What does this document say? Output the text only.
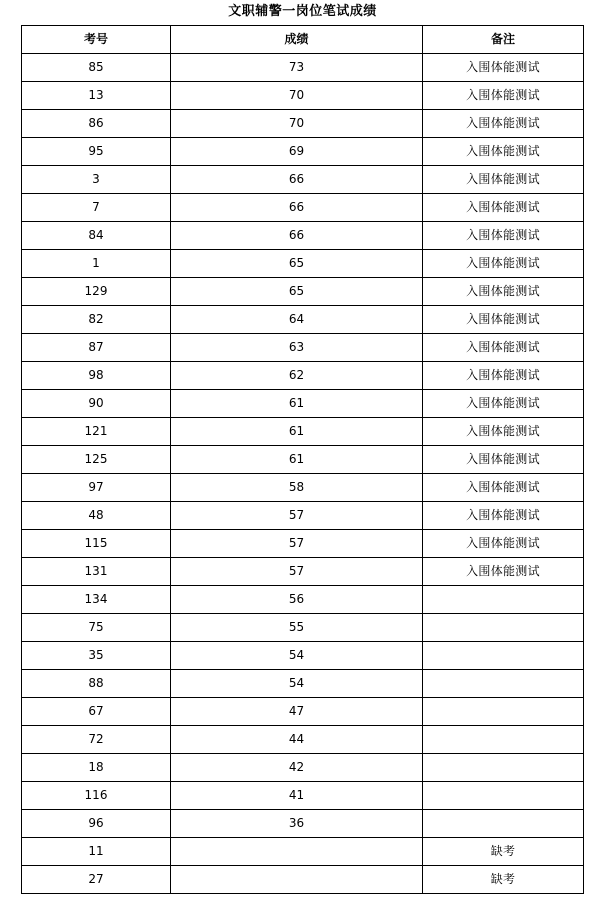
文职辅警一岗位笔试成绩
考号	成绩	备注
85	73	入围体能测试
13	70	入围体能测试
86	70	入围体能测试
95	69	入围体能测试
3	66	入围体能测试
7	66	入围体能测试
84	66	入围体能测试
1	65	入围体能测试
129	65	入围体能测试
82	64	入围体能测试
87	63	入围体能测试
98	62	入围体能测试
90	61	入围体能测试
121	61	入围体能测试
125	61	入围体能测试
97	58	入围体能测试
48	57	入围体能测试
115	57	入围体能测试
131	57	入围体能测试
134	56	
75	55	
35	54	
88	54	
67	47	
72	44	
18	42	
116	41	
96	36	
11		缺考
27		缺考
